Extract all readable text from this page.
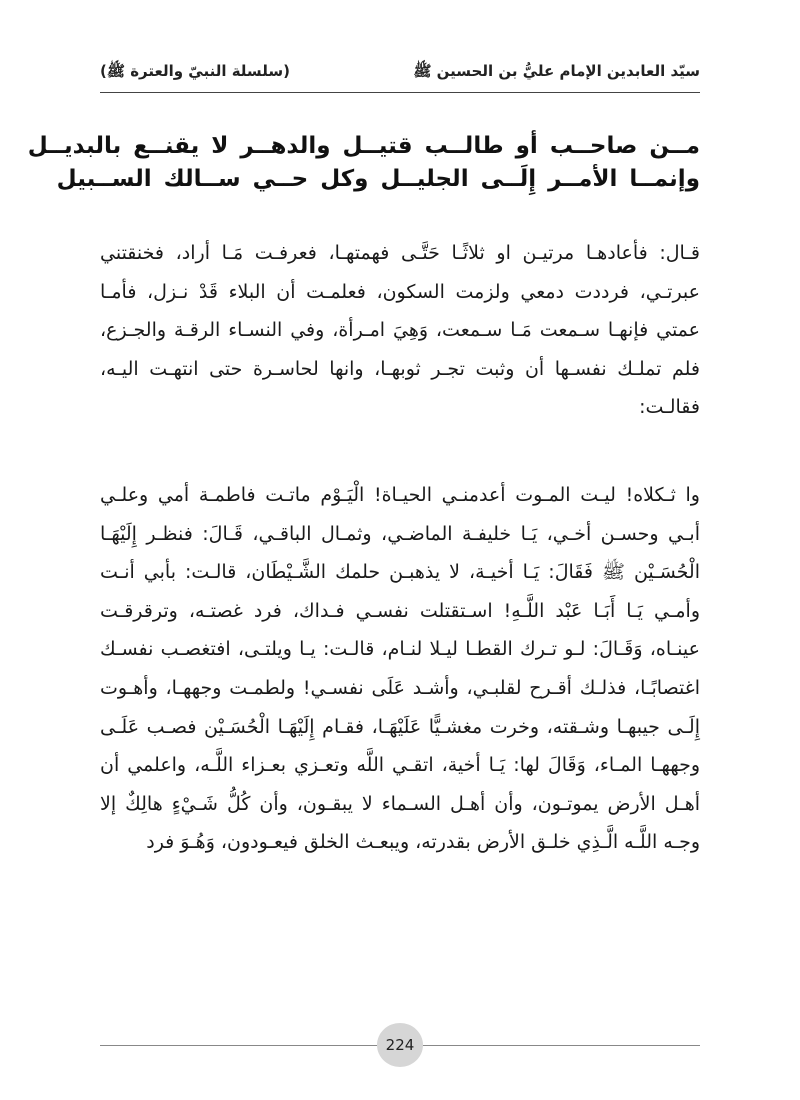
سيّد العابدين الإمام عليُّ بن الحسين ﷺ
(سلسلة النبيّ والعترة ﷺ)
مــن صاحــب أو طالــب قتيــل والدهــر لا يقنــع بالبديــل
وإنمــا الأمــر إِلَــى الجليــل وكل حــي ســالك الســبيل

قـال: فأعادهـا مرتيـن او ثلاثًـا حَتَّـى فهمتهـا، فعرفـت مَـا أراد، فخنقتني عبرتـي، فرددت دمعي ولزمت السكون، فعلمـت أن البلاء قَدْ نـزل، فأمـا عمتي فإنهـا سـمعت مَـا سـمعت، وَهِيَ امـرأة، وفي النسـاء الرقـة والجـزع، فلم تملـك نفسـها أن وثبت تجـر ثوبهـا، وانها لحاسـرة حتى انتهـت اليـه، فقالـت:

وا ثـكلاه! ليـت المـوت أعدمنـي الحيـاة! الْيَـوْم ماتـت فاطمـة أمي وعلـي أبـي وحسـن أخـي، يَـا خليفـة الماضـي، وثمـال الباقـي، قَـالَ: فنظـر إِلَيْهَـا الْحُسَـيْن ﷺ فَقَالَ: يَـا أخيـة، لا يذهبـن حلمك الشَّـيْطَان، قالـت: بأبي أنـت وأمـي يَـا أَبَـا عَبْد اللَّـهِ! اسـتقتلت نفسـي فـداك، فرد غصتـه، وترقرقـت عينـاه، وَقَـالَ: لـو تـرك القطـا ليـلا لنـام، قالـت: يـا ويلتـى، افتغصـب نفسـك اغتصابًـا، فذلـك أقـرح لقلبـي، وأشـد عَلَى نفسـي! ولطمـت وجههـا، وأهـوت إِلَـى جيبهـا وشـقته، وخرت مغشـيًّا عَلَيْهَـا، فقـام إِلَيْهَـا الْحُسَـيْن فصـب عَلَـى وجههـا المـاء، وَقَالَ لها: يَـا أخية، اتقـي اللَّه وتعـزي بعـزاء اللَّـه، واعلمي أن أهـل الأرض يموتـون، وأن أهـل السـماء لا يبقـون، وأن كُلُّ شَـيْءٍ هالِكٌ إلا وجـه اللَّـه الَّـذِي خلـق الأرض بقدرته، ويبعـث الخلق فيعـودون، وَهُـوَ فرد

224
